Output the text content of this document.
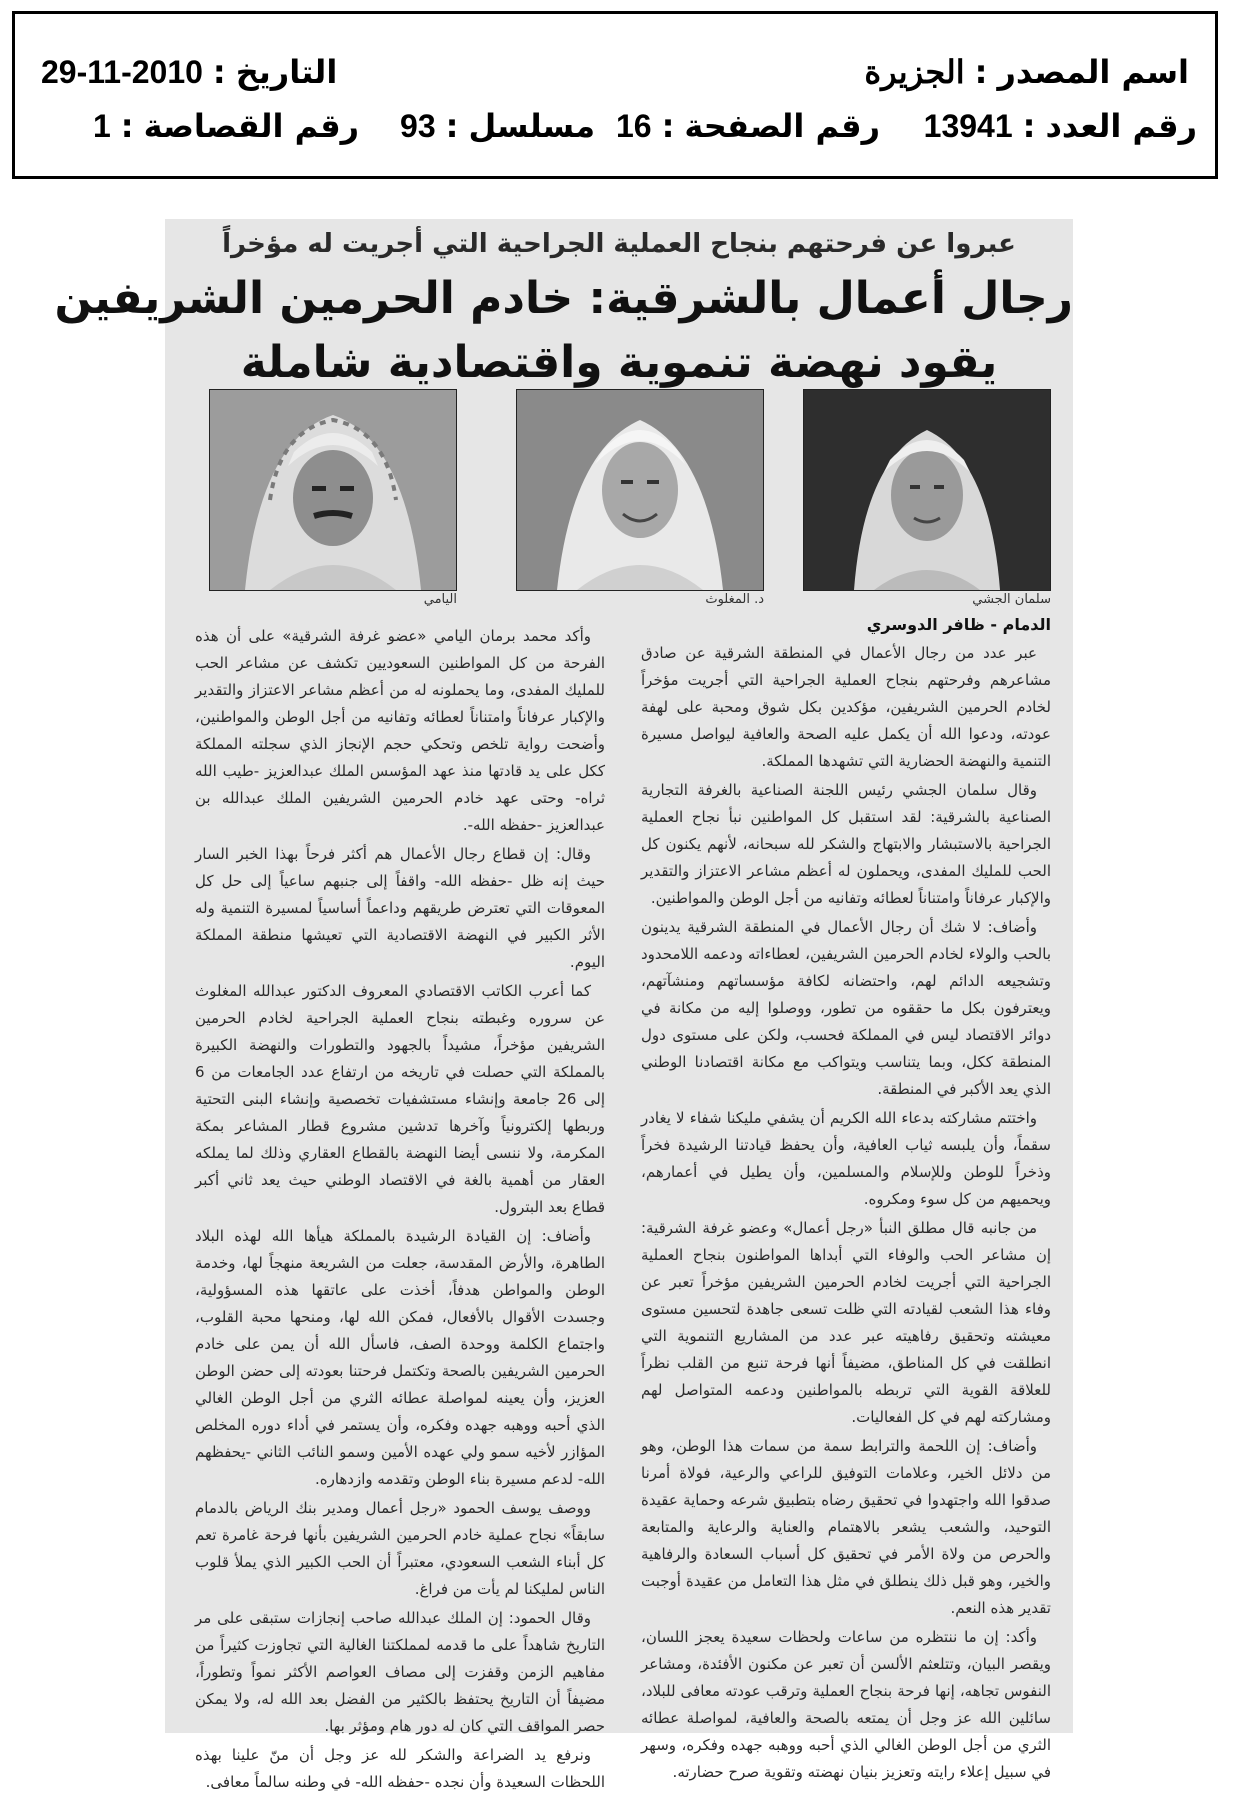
اسم المصدر:الجزيرة
التاريخ:29-11-2010
رقم العدد:13941
رقم الصفحة:16
مسلسل:93
رقم القصاصة:1
عبروا عن فرحتهم بنجاح العملية الجراحية التي أجريت له مؤخراً
رجال أعمال بالشرقية: خادم الحرمين الشريفين
يقود نهضة تنموية واقتصادية شاملة
سلمان الجشي
د. المغلوث
اليامي
الدمام - ظافر الدوسري

عبر عدد من رجال الأعمال في المنطقة الشرقية عن صادق مشاعرهم وفرحتهم بنجاح العملية الجراحية التي أجريت مؤخراً لخادم الحرمين الشريفين، مؤكدين بكل شوق ومحبة على لهفة عودته، ودعوا الله أن يكمل عليه الصحة والعافية ليواصل مسيرة التنمية والنهضة الحضارية التي تشهدها المملكة.

وقال سلمان الجشي رئيس اللجنة الصناعية بالغرفة التجارية الصناعية بالشرقية: لقد استقبل كل المواطنين نبأ نجاح العملية الجراحية بالاستبشار والابتهاج والشكر لله سبحانه، لأنهم يكنون كل الحب للمليك المفدى، ويحملون له أعظم مشاعر الاعتزاز والتقدير والإكبار عرفاناً وامتناناً لعطائه وتفانيه من أجل الوطن والمواطنين.

وأضاف: لا شك أن رجال الأعمال في المنطقة الشرقية يدينون بالحب والولاء لخادم الحرمين الشريفين، لعطاءاته ودعمه اللامحدود وتشجيعه الدائم لهم، واحتضانه لكافة مؤسساتهم ومنشآتهم، ويعترفون بكل ما حققوه من تطور، ووصلوا إليه من مكانة في دوائر الاقتصاد ليس في المملكة فحسب، ولكن على مستوى دول المنطقة ككل، وبما يتناسب ويتواكب مع مكانة اقتصادنا الوطني الذي يعد الأكبر في المنطقة.

واختتم مشاركته بدعاء الله الكريم أن يشفي مليكنا شفاء لا يغادر سقماً، وأن يلبسه ثياب العافية، وأن يحفظ قيادتنا الرشيدة فخراً وذخراً للوطن وللإسلام والمسلمين، وأن يطيل في أعمارهم، ويحميهم من كل سوء ومكروه.

من جانبه قال مطلق النبأ «رجل أعمال» وعضو غرفة الشرقية: إن مشاعر الحب والوفاء التي أبداها المواطنون بنجاح العملية الجراحية التي أجريت لخادم الحرمين الشريفين مؤخراً تعبر عن وفاء هذا الشعب لقيادته التي ظلت تسعى جاهدة لتحسين مستوى معيشته وتحقيق رفاهيته عبر عدد من المشاريع التنموية التي انطلقت في كل المناطق، مضيفاً أنها فرحة تنبع من القلب نظراً للعلاقة القوية التي تربطه بالمواطنين ودعمه المتواصل لهم ومشاركته لهم في كل الفعاليات.

وأضاف: إن اللحمة والترابط سمة من سمات هذا الوطن، وهو من دلائل الخير، وعلامات التوفيق للراعي والرعية، فولاة أمرنا صدقوا الله واجتهدوا في تحقيق رضاه بتطبيق شرعه وحماية عقيدة التوحيد، والشعب يشعر بالاهتمام والعناية والرعاية والمتابعة والحرص من ولاة الأمر في تحقيق كل أسباب السعادة والرفاهية والخير، وهو قبل ذلك ينطلق في مثل هذا التعامل من عقيدة أوجبت تقدير هذه النعم.

وأكد: إن ما ننتظره من ساعات ولحظات سعيدة يعجز اللسان، ويقصر البيان، وتتلعثم الألسن أن تعبر عن مكنون الأفئدة، ومشاعر النفوس تجاهه، إنها فرحة بنجاح العملية وترقب عودته معافى للبلاد، سائلين الله عز وجل أن يمتعه بالصحة والعافية، لمواصلة عطائه الثري من أجل الوطن الغالي الذي أحبه ووهبه جهده وفكره، وسهر في سبيل إعلاء رايته وتعزيز بنيان نهضته وتقوية صرح حضارته.

وأكد محمد برمان اليامي «عضو غرفة الشرقية» على أن هذه الفرحة من كل المواطنين السعوديين تكشف عن مشاعر الحب للمليك المفدى، وما يحملونه له من أعظم مشاعر الاعتزاز والتقدير والإكبار عرفاناً وامتناناً لعطائه وتفانيه من أجل الوطن والمواطنين، وأضحت رواية تلخص وتحكي حجم الإنجاز الذي سجلته المملكة ككل على يد قادتها منذ عهد المؤسس الملك عبدالعزيز -طيب الله ثراه- وحتى عهد خادم الحرمين الشريفين الملك عبدالله بن عبدالعزيز -حفظه الله-.

وقال: إن قطاع رجال الأعمال هم أكثر فرحاً بهذا الخبر السار حيث إنه ظل -حفظه الله- واقفاً إلى جنبهم ساعياً إلى حل كل المعوقات التي تعترض طريقهم وداعماً أساسياً لمسيرة التنمية وله الأثر الكبير في النهضة الاقتصادية التي تعيشها منطقة المملكة اليوم.

كما أعرب الكاتب الاقتصادي المعروف الدكتور عبدالله المغلوث عن سروره وغبطته بنجاح العملية الجراحية لخادم الحرمين الشريفين مؤخراً، مشيداً بالجهود والتطورات والنهضة الكبيرة بالمملكة التي حصلت في تاريخه من ارتفاع عدد الجامعات من 6 إلى 26 جامعة وإنشاء مستشفيات تخصصية وإنشاء البنى التحتية وربطها إلكترونياً وآخرها تدشين مشروع قطار المشاعر بمكة المكرمة، ولا ننسى أيضا النهضة بالقطاع العقاري وذلك لما يملكه العقار من أهمية بالغة في الاقتصاد الوطني حيث يعد ثاني أكبر قطاع بعد البترول.

وأضاف: إن القيادة الرشيدة بالمملكة هيأها الله لهذه البلاد الطاهرة، والأرض المقدسة، جعلت من الشريعة منهجاً لها، وخدمة الوطن والمواطن هدفاً، أخذت على عاتقها هذه المسؤولية، وجسدت الأقوال بالأفعال، فمكن الله لها، ومنحها محبة القلوب، واجتماع الكلمة ووحدة الصف، فاسأل الله أن يمن على خادم الحرمين الشريفين بالصحة وتكتمل فرحتنا بعودته إلى حضن الوطن العزيز، وأن يعينه لمواصلة عطائه الثري من أجل الوطن الغالي الذي أحبه ووهبه جهده وفكره، وأن يستمر في أداء دوره المخلص المؤازر لأخيه سمو ولي عهده الأمين وسمو النائب الثاني -يحفظهم الله- لدعم مسيرة بناء الوطن وتقدمه وازدهاره.

ووصف يوسف الحمود «رجل أعمال ومدير بنك الرياض بالدمام سابقاً» نجاح عملية خادم الحرمين الشريفين بأنها فرحة غامرة تعم كل أبناء الشعب السعودي، معتبراً أن الحب الكبير الذي يملأ قلوب الناس لمليكنا لم يأت من فراغ.

وقال الحمود: إن الملك عبدالله صاحب إنجازات ستبقى على مر التاريخ شاهداً على ما قدمه لمملكتنا الغالية التي تجاوزت كثيراً من مفاهيم الزمن وقفزت إلى مصاف العواصم الأكثر نمواً وتطوراً، مضيفاً أن التاريخ يحتفظ بالكثير من الفضل بعد الله له، ولا يمكن حصر المواقف التي كان له دور هام ومؤثر بها.

ونرفع يد الضراعة والشكر لله عز وجل أن منّ علينا بهذه اللحظات السعيدة وأن نجده -حفظه الله- في وطنه سالماً معافى.
